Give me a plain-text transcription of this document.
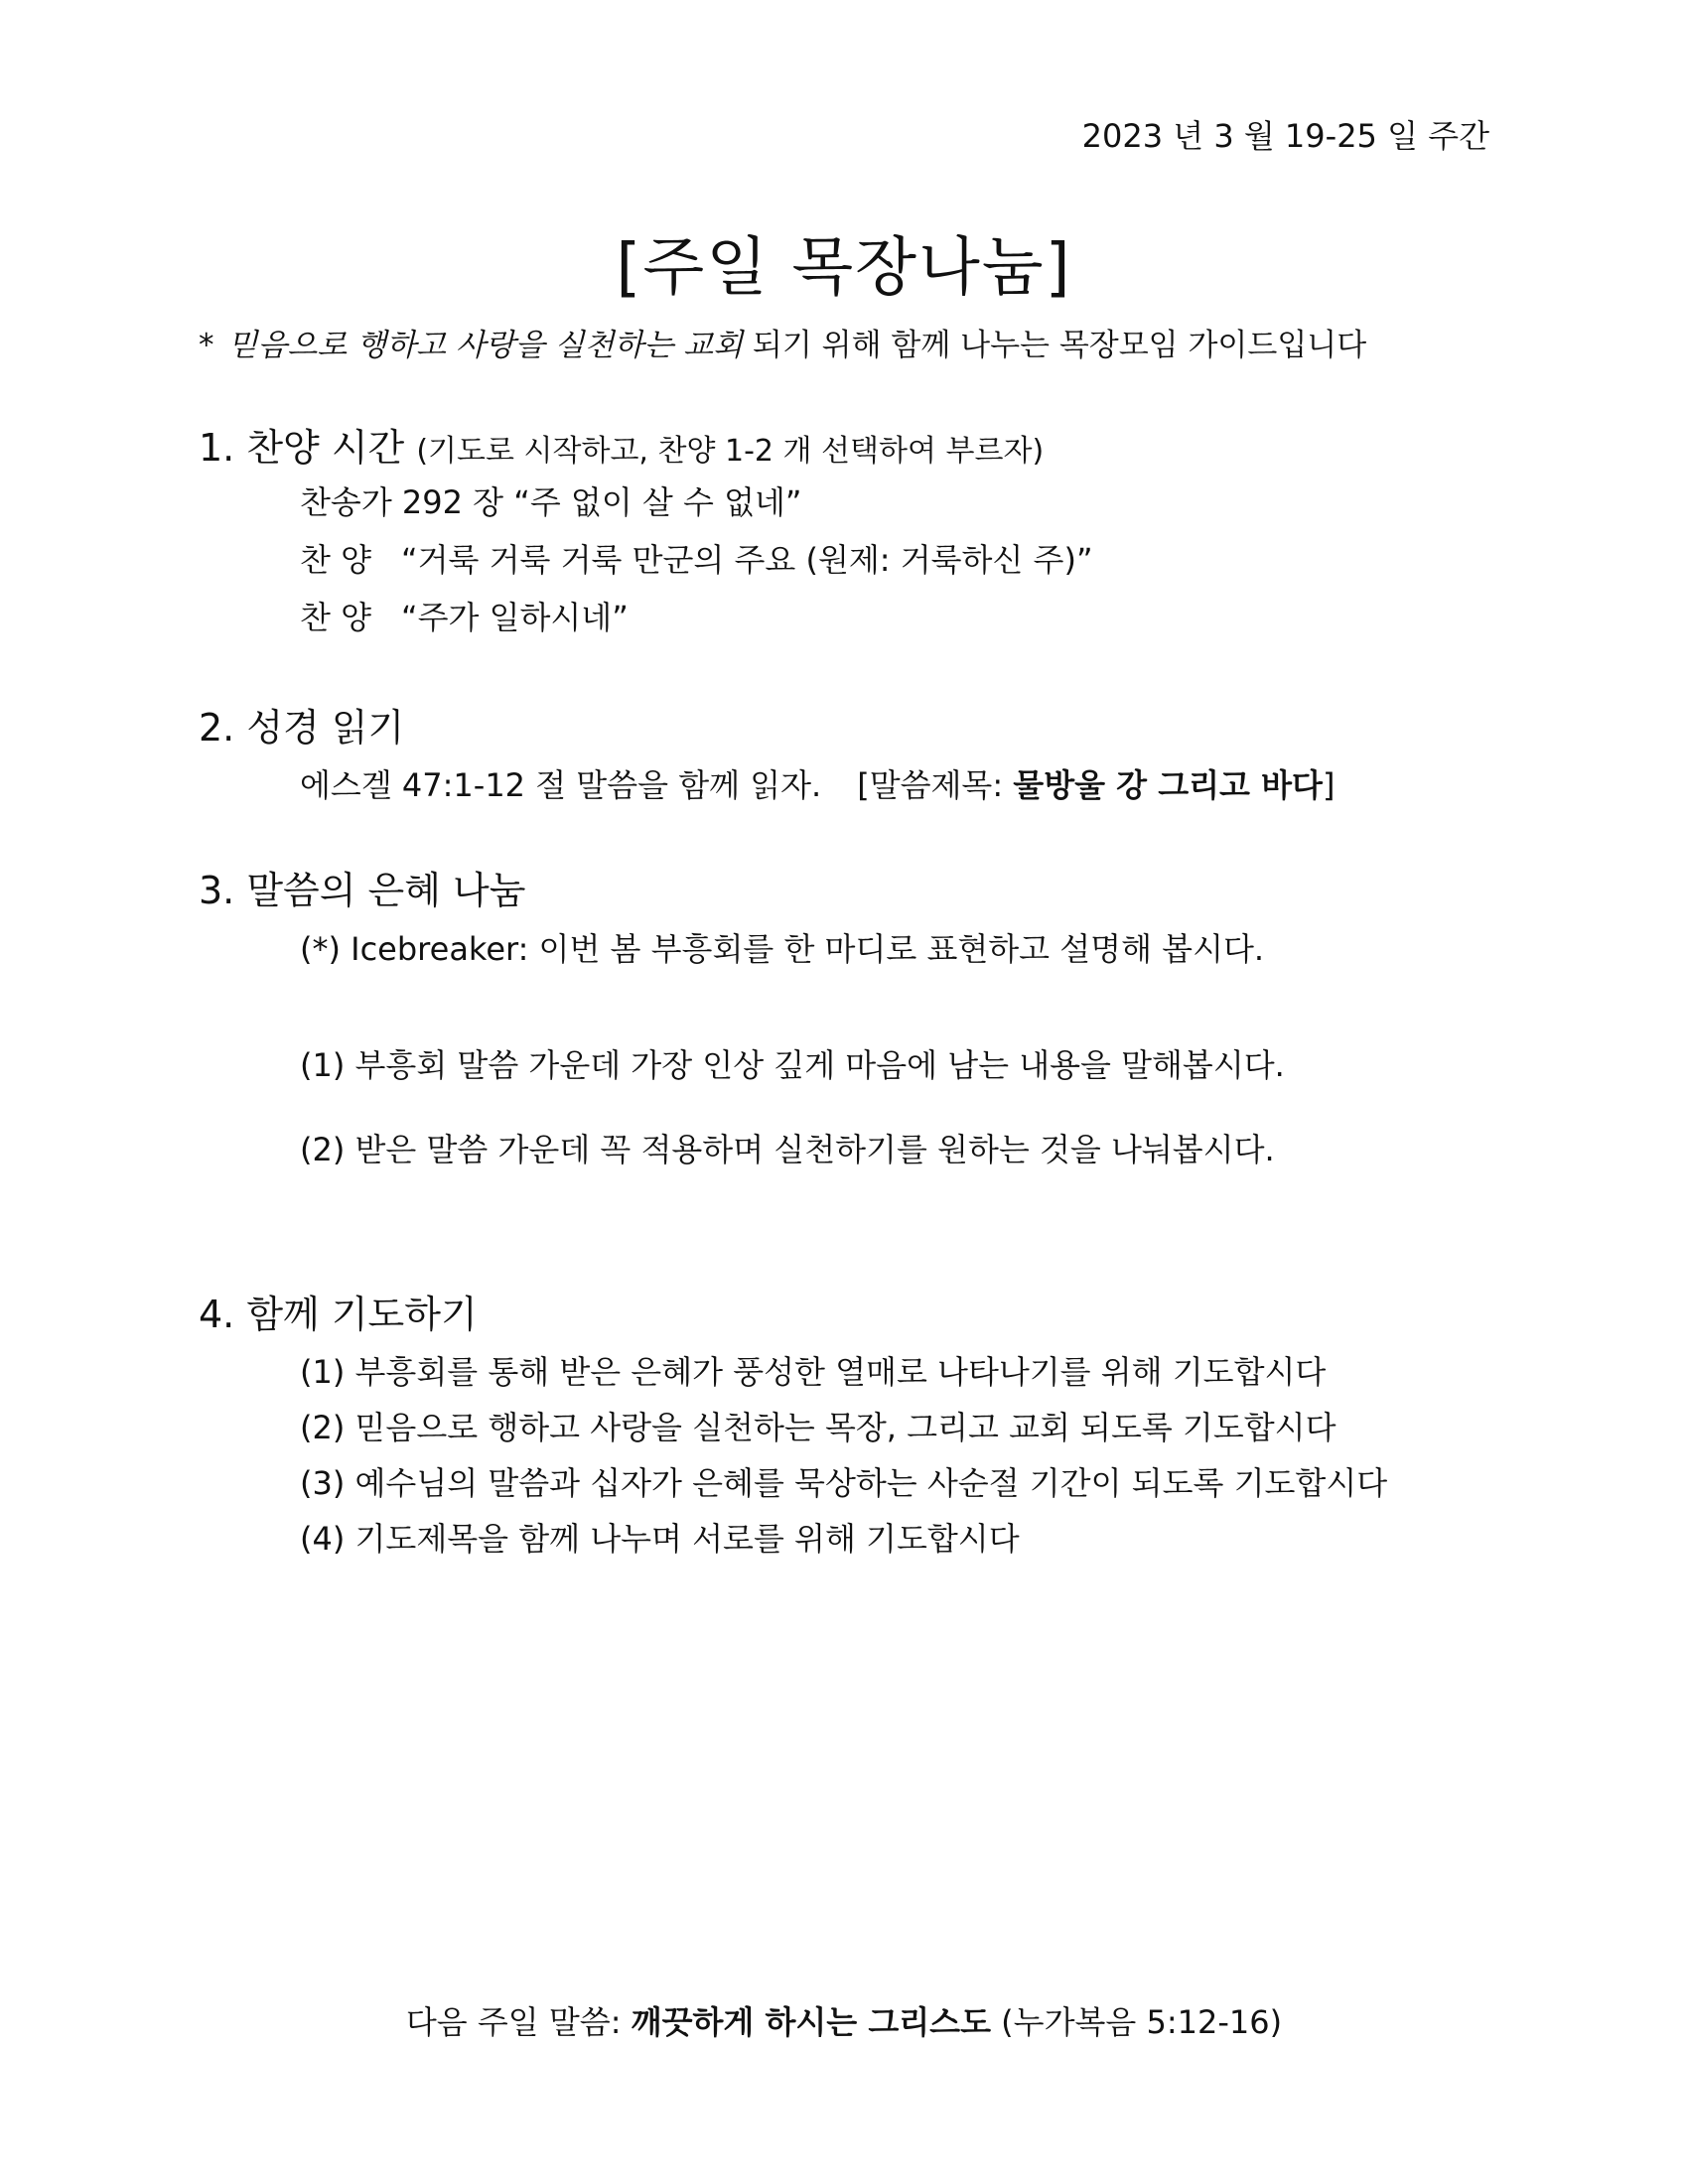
2023 년 3 월 19-25 일 주간
[주일 목장나눔]
* 믿음으로 행하고 사랑을 실천하는 교회 되기 위해 함께 나누는 목장모임 가이드입니다
1. 찬양 시간 (기도로 시작하고, 찬양 1-2 개 선택하여 부르자)
찬송가 292 장 “주 없이 살 수 없네”
찬 양 “거룩 거룩 거룩 만군의 주요 (원제: 거룩하신 주)”
찬 양 “주가 일하시네”
2. 성경 읽기
에스겔 47:1-12 절 말씀을 함께 읽자. [말씀제목: 물방울 강 그리고 바다]
3. 말씀의 은혜 나눔
(*) Icebreaker: 이번 봄 부흥회를 한 마디로 표현하고 설명해 봅시다.
(1) 부흥회 말씀 가운데 가장 인상 깊게 마음에 남는 내용을 말해봅시다.
(2) 받은 말씀 가운데 꼭 적용하며 실천하기를 원하는 것을 나눠봅시다.
4. 함께 기도하기
(1) 부흥회를 통해 받은 은혜가 풍성한 열매로 나타나기를 위해 기도합시다
(2) 믿음으로 행하고 사랑을 실천하는 목장, 그리고 교회 되도록 기도합시다
(3) 예수님의 말씀과 십자가 은혜를 묵상하는 사순절 기간이 되도록 기도합시다
(4) 기도제목을 함께 나누며 서로를 위해 기도합시다
다음 주일 말씀: 깨끗하게 하시는 그리스도 (누가복음 5:12-16)
